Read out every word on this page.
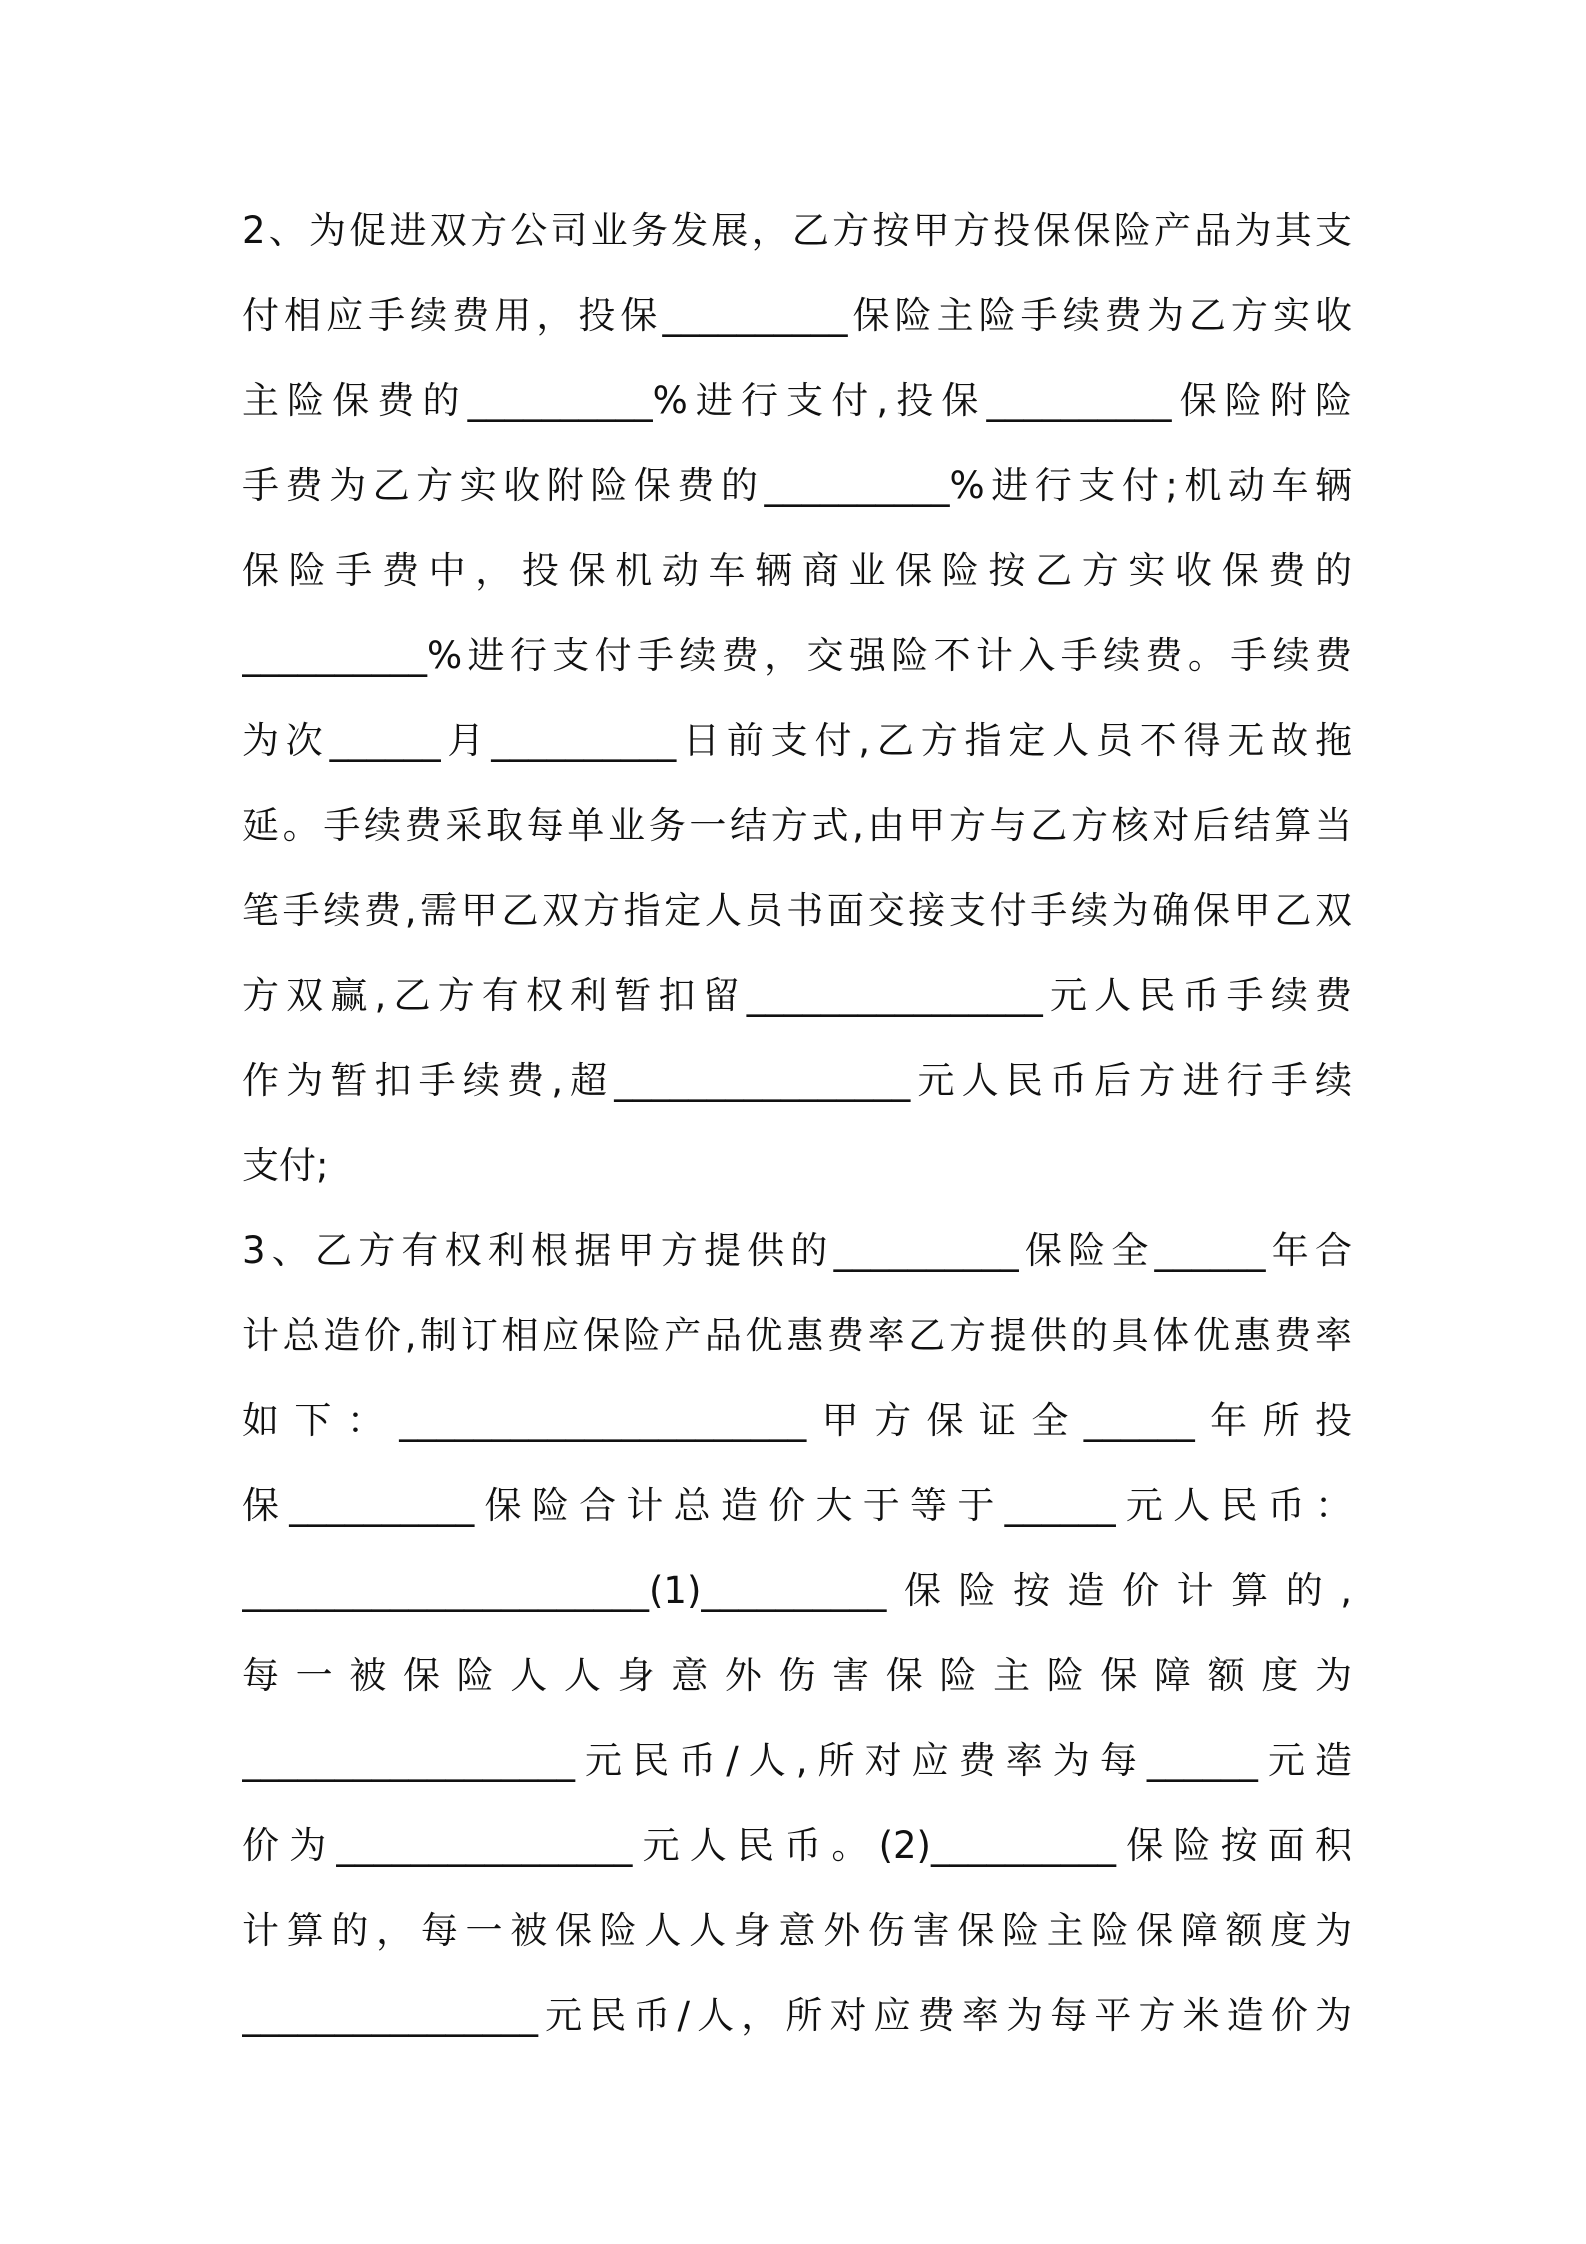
2、为促进双方公司业务发展，乙方按甲方投保保险产品为其支
付相应手续费用，投保__________保险主险手续费为乙方实收
主险保费的__________%进行支付,投保__________保险附险
手费为乙方实收附险保费的__________%进行支付;机动车辆
保险手费中，投保机动车辆商业保险按乙方实收保费的
__________%进行支付手续费，交强险不计入手续费。手续费
为次______月__________日前支付,乙方指定人员不得无故拖
延。手续费采取每单业务一结方式,由甲方与乙方核对后结算当
笔手续费,需甲乙双方指定人员书面交接支付手续为确保甲乙双
方双赢,乙方有权利暂扣留________________元人民币手续费
作为暂扣手续费,超________________元人民币后方进行手续
支付;
3、乙方有权利根据甲方提供的__________保险全______年合
计总造价,制订相应保险产品优惠费率乙方提供的具体优惠费率
如下：______________________甲方保证全______年所投
保__________保险合计总造价大于等于______元人民币：
______________________(1)__________保险按造价计算的,
每一被保险人人身意外伤害保险主险保障额度为
__________________元民币/人,所对应费率为每______元造
价为________________元人民币。(2)__________保险按面积
计算的，每一被保险人人身意外伤害保险主险保障额度为
________________元民币/人，所对应费率为每平方米造价为
